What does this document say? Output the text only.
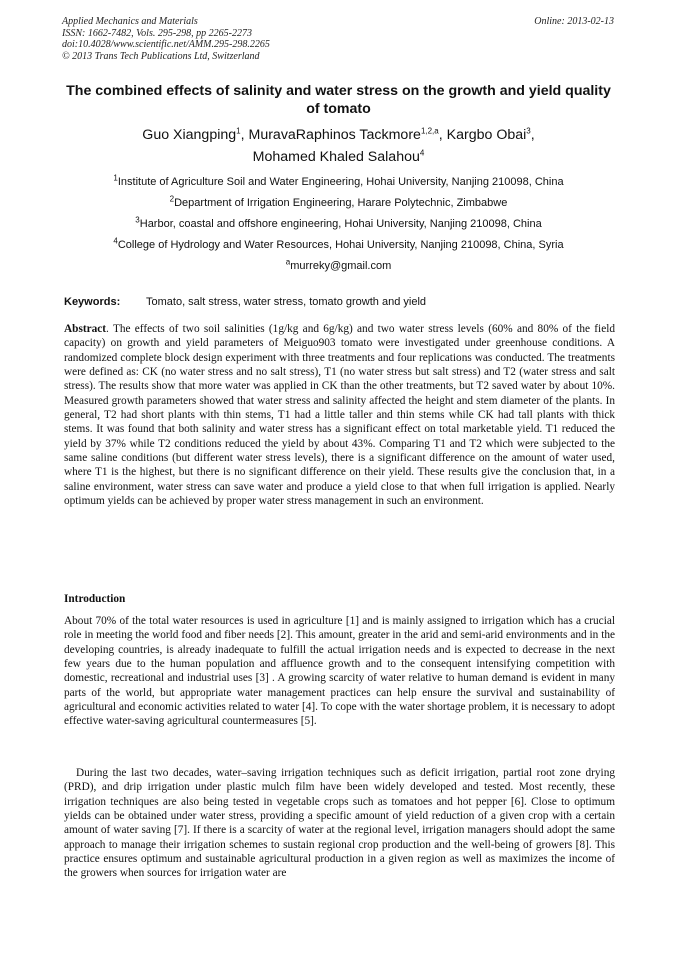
Applied Mechanics and Materials
ISSN: 1662-7482, Vols. 295-298, pp 2265-2273
doi:10.4028/www.scientific.net/AMM.295-298.2265
© 2013 Trans Tech Publications Ltd, Switzerland
Online: 2013-02-13
The combined effects of salinity and water stress on the growth and yield quality of tomato
Guo Xiangping$^1$, MuravaRaphinos Tackmore$^{1,2,a}$, Kargbo Obai$^3$,
Mohamed Khaled Salahou$^4$
$^1$Institute of Agriculture Soil and Water Engineering, Hohai University, Nanjing 210098, China
$^2$Department of Irrigation Engineering, Harare Polytechnic, Zimbabwe
$^3$Harbor, coastal and offshore engineering, Hohai University, Nanjing 210098, China
$^4$College of Hydrology and Water Resources, Hohai University, Nanjing 210098, China, Syria
$^a$murreky@gmail.com
Keywords: Tomato, salt stress, water stress, tomato growth and yield
Abstract. The effects of two soil salinities (1g/kg and 6g/kg) and two water stress levels (60% and 80% of the field capacity) on growth and yield parameters of Meiguo903 tomato were investigated under greenhouse conditions. A randomized complete block design experiment with three treatments and four replications was conducted. The treatments were defined as: CK (no water stress and no salt stress), T1 (no water stress but salt stress) and T2 (water stress and salt stress). The results show that more water was applied in CK than the other treatments, but T2 saved water by about 10%. Measured growth parameters showed that water stress and salinity affected the height and stem diameter of the plants. In general, T2 had short plants with thin stems, T1 had a little taller and thin stems while CK had tall plants with thick stems. It was found that both salinity and water stress has a significant effect on total marketable yield. T1 reduced the yield by 37% while T2 conditions reduced the yield by about 43%. Comparing T1 and T2 which were subjected to the same saline conditions (but different water stress levels), there is a significant difference on the amount of water used, where T1 is the highest, but there is no significant difference on their yield. These results give the conclusion that, in a saline environment, water stress can save water and produce a yield close to that when full irrigation is applied. Nearly optimum yields can be achieved by proper water stress management in such an environment.
Introduction
About 70% of the total water resources is used in agriculture [1] and is mainly assigned to irrigation which has a crucial role in meeting the world food and fiber needs [2]. This amount, greater in the arid and semi-arid environments and in the developing countries, is already inadequate to fulfill the actual irrigation needs and is expected to decrease in the next few years due to the human population and affluence growth and to the consequent intensifying competition with domestic, recreational and industrial uses [3] . A growing scarcity of water relative to human demand is evident in many parts of the world, but appropriate water management practices can help ensure the survival and sustainability of agricultural and economic activities related to water [4]. To cope with the water shortage problem, it is necessary to adopt effective water-saving agricultural countermeasures [5].
During the last two decades, water–saving irrigation techniques such as deficit irrigation, partial root zone drying (PRD), and drip irrigation under plastic mulch film have been widely developed and tested. Most recently, these irrigation techniques are also being tested in vegetable crops such as tomatoes and hot pepper [6]. Close to optimum yields can be obtained under water stress, providing a specific amount of yield reduction of a given crop with a certain amount of water saving [7]. If there is a scarcity of water at the regional level, irrigation managers should adopt the same approach to manage their irrigation schemes to sustain regional crop production and the well-being of growers [8]. This practice ensures optimum and sustainable agricultural production in a given region as well as maximizes the income of the growers when sources for irrigation water are
